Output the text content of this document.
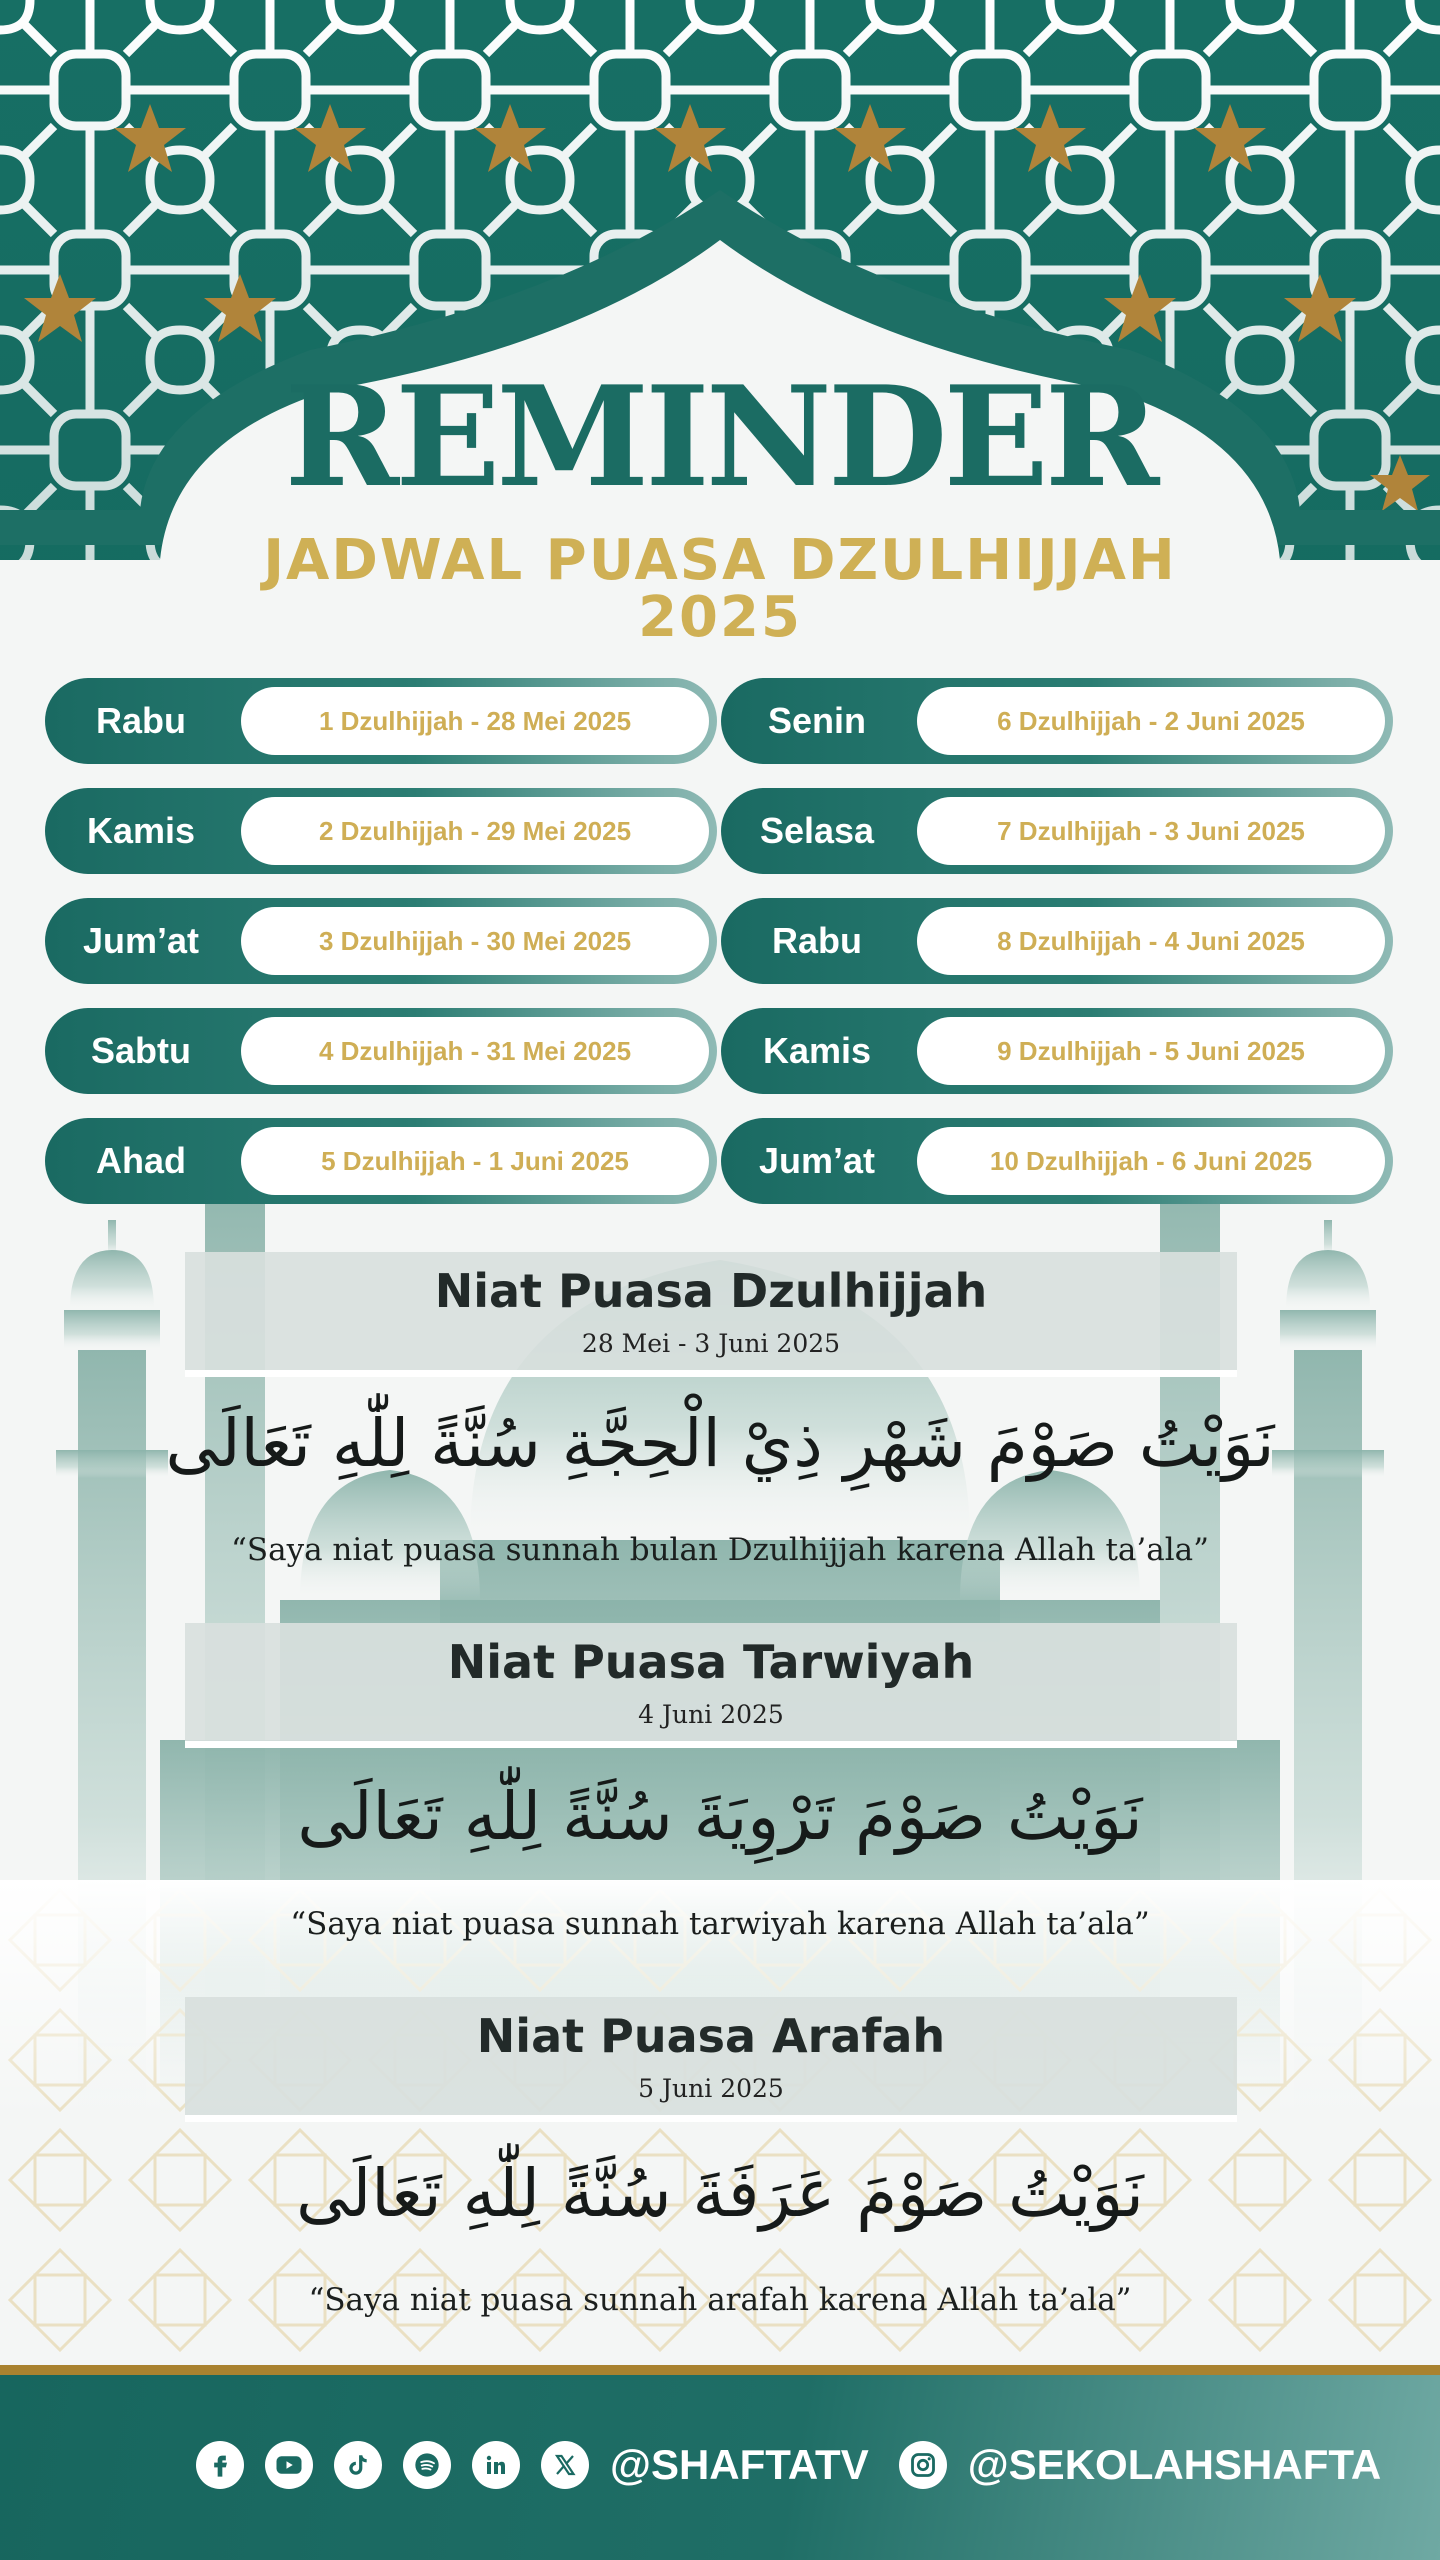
REMINDER
JADWAL PUASA DZULHIJJAH
2025
Rabu	1 Dzulhijjah - 28 Mei 2025
Kamis	2 Dzulhijjah - 29 Mei 2025
Jum’at	3 Dzulhijjah - 30 Mei 2025
Sabtu	4 Dzulhijjah - 31 Mei 2025
Ahad	5 Dzulhijjah - 1 Juni 2025
Senin	6 Dzulhijjah - 2 Juni 2025
Selasa	7 Dzulhijjah - 3 Juni 2025
Rabu	8 Dzulhijjah - 4 Juni 2025
Kamis	9 Dzulhijjah - 5 Juni 2025
Jum’at	10 Dzulhijjah - 6 Juni 2025
Niat Puasa Dzulhijjah
28 Mei - 3 Juni 2025
نَوَيْتُ صَوْمَ شَهْرِ ذِيْ الْحِجَّةِ سُنَّةً لِلّٰهِ تَعَالَى
“Saya niat puasa sunnah bulan Dzulhijjah karena Allah ta’ala”
Niat Puasa Tarwiyah
4 Juni 2025
نَوَيْتُ صَوْمَ تَرْوِيَةَ سُنَّةً لِلّٰهِ تَعَالَى
“Saya niat puasa sunnah tarwiyah karena Allah ta’ala”
Niat Puasa Arafah
5 Juni 2025
نَوَيْتُ صَوْمَ عَرَفَةَ سُنَّةً لِلّٰهِ تَعَالَى
“Saya niat puasa sunnah arafah karena Allah ta’ala”
@SHAFTATV @SEKOLAHSHAFTA
